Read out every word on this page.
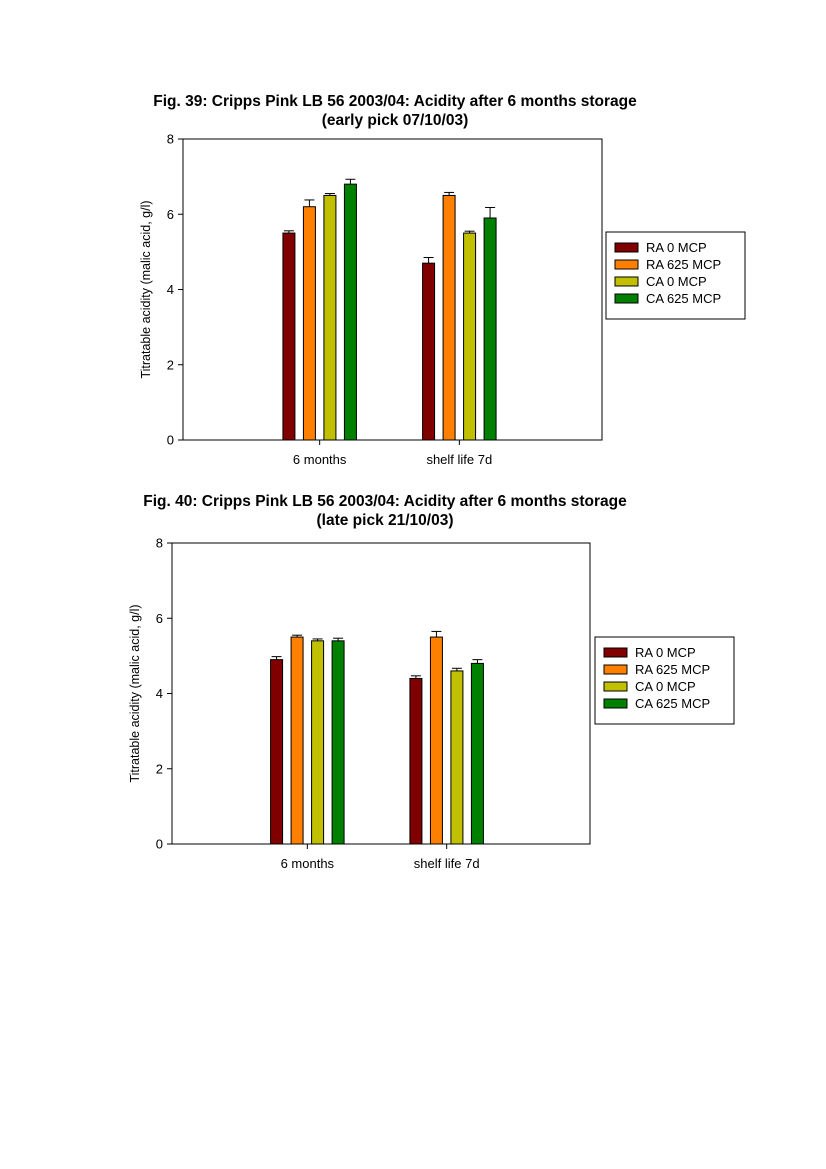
Fig. 39: Cripps Pink LB 56 2003/04: Acidity after 6 months storage
(early pick 07/10/03)
0
2
4
6
8
Titratable acidity (malic acid, g/l)
6 months	shelf life 7d
RA 0 MCP
RA 625 MCP
CA 0 MCP
CA 625 MCP
Fig. 40: Cripps Pink LB 56 2003/04: Acidity after 6 months storage
(late pick 21/10/03)
0
2
4
6
8
Titratable acidity (malic acid, g/l)
6 months	shelf life 7d
RA 0 MCP
RA 625 MCP
CA 0 MCP
CA 625 MCP
